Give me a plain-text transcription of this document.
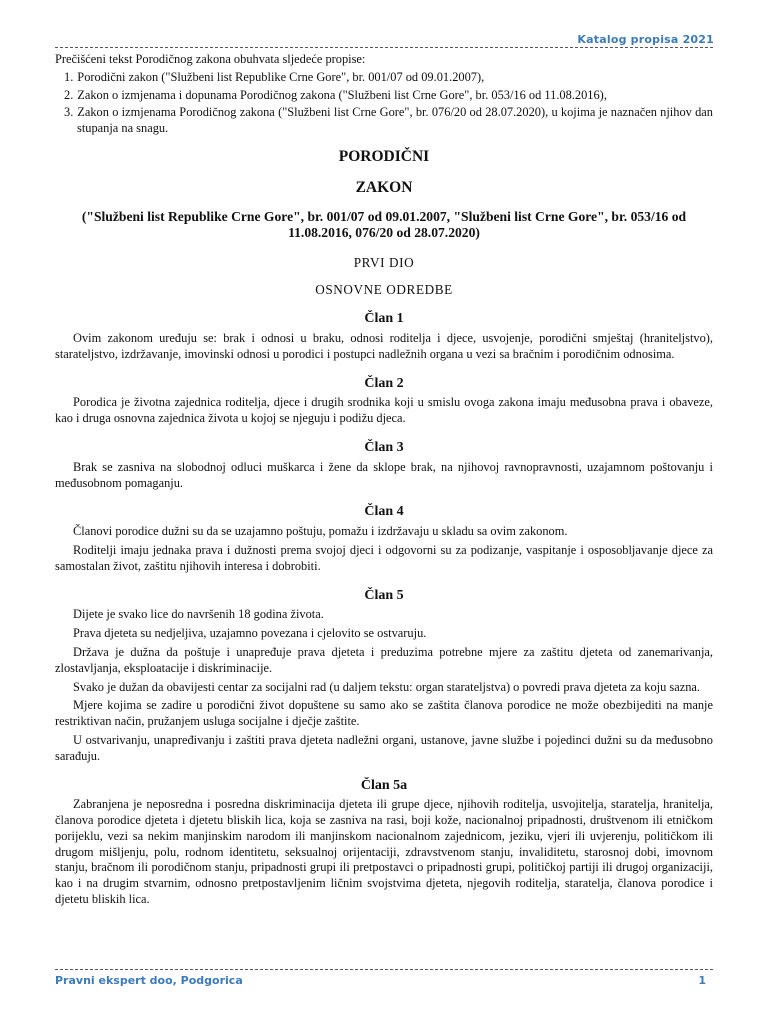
Katalog propisa 2021

Prečišćeni tekst Porodičnog zakona obuhvata sljedeće propise:

1. Porodični zakon ("Službeni list Republike Crne Gore", br. 001/07 od 09.01.2007),
2. Zakon o izmjenama i dopunama Porodičnog zakona ("Službeni list Crne Gore", br. 053/16 od 11.08.2016),
3. Zakon o izmjenama Porodičnog zakona ("Službeni list Crne Gore", br. 076/20 od 28.07.2020), u kojima je naznačen njihov dan stupanja na snagu.
PORODIČNI
ZAKON
("Službeni list Republike Crne Gore", br. 001/07 od 09.01.2007, "Službeni list Crne Gore", br. 053/16 od 11.08.2016, 076/20 od 28.07.2020)
PRVI DIO
OSNOVNE ODREDBE
Član 1

Ovim zakonom uređuju se: brak i odnosi u braku, odnosi roditelja i djece, usvojenje, porodični smještaj (hraniteljstvo), starateljstvo, izdržavanje, imovinski odnosi u porodici i postupci nadležnih organa u vezi sa bračnim i porodičnim odnosima.

Član 2

Porodica je životna zajednica roditelja, djece i drugih srodnika koji u smislu ovoga zakona imaju međusobna prava i obaveze, kao i druga osnovna zajednica života u kojoj se njeguju i podižu djeca.

Član 3

Brak se zasniva na slobodnoj odluci muškarca i žene da sklope brak, na njihovoj ravnopravnosti, uzajamnom poštovanju i međusobnom pomaganju.

Član 4

Članovi porodice dužni su da se uzajamno poštuju, pomažu i izdržavaju u skladu sa ovim zakonom.

Roditelji imaju jednaka prava i dužnosti prema svojoj djeci i odgovorni su za podizanje, vaspitanje i osposobljavanje djece za samostalan život, zaštitu njihovih interesa i dobrobiti.

Član 5

Dijete je svako lice do navršenih 18 godina života.

Prava djeteta su nedjeljiva, uzajamno povezana i cjelovito se ostvaruju.

Država je dužna da poštuje i unapređuje prava djeteta i preduzima potrebne mjere za zaštitu djeteta od zanemarivanja, zlostavljanja, eksploatacije i diskriminacije.

Svako je dužan da obavijesti centar za socijalni rad (u daljem tekstu: organ starateljstva) o povredi prava djeteta za koju sazna.

Mjere kojima se zadire u porodični život dopuštene su samo ako se zaštita članova porodice ne može obezbijediti na manje restriktivan način, pružanjem usluga socijalne i dječje zaštite.

U ostvarivanju, unapređivanju i zaštiti prava djeteta nadležni organi, ustanove, javne službe i pojedinci dužni su da međusobno sarađuju.

Član 5a

Zabranjena je neposredna i posredna diskriminacija djeteta ili grupe djece, njihovih roditelja, usvojitelja, staratelja, hranitelja, članova porodice djeteta i djetetu bliskih lica, koja se zasniva na rasi, boji kože, nacionalnoj pripadnosti, društvenom ili etničkom porijeklu, vezi sa nekim manjinskim narodom ili manjinskom nacionalnom zajednicom, jeziku, vjeri ili uvjerenju, političkom ili drugom mišljenju, polu, rodnom identitetu, seksualnoj orijentaciji, zdravstvenom stanju, invaliditetu, starosnoj dobi, imovnom stanju, bračnom ili porodičnom stanju, pripadnosti grupi ili pretpostavci o pripadnosti grupi, političkoj partiji ili drugoj organizaciji, kao i na drugim stvarnim, odnosno pretpostavljenim ličnim svojstvima djeteta, njegovih roditelja, staratelja, članova porodice i djetetu bliskih lica.

Pravni ekspert doo, Podgorica	1
